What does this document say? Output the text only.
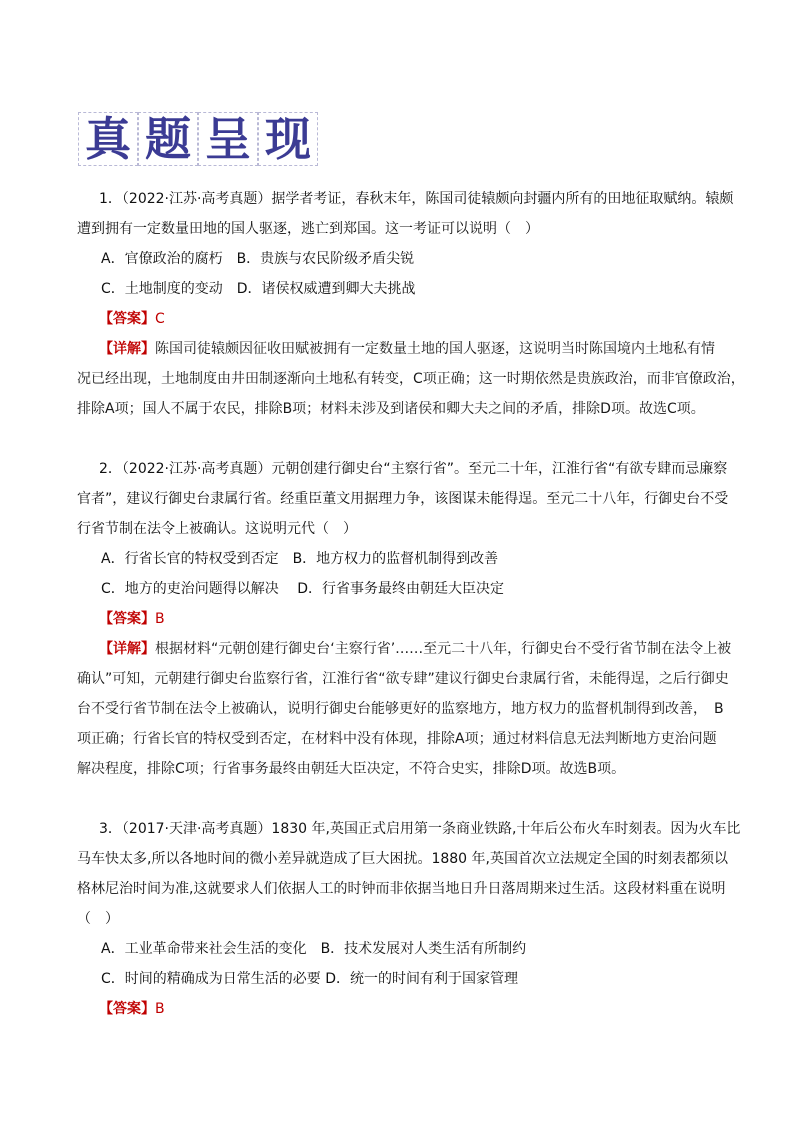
真 题 呈 现

1．（2022·江苏·高考真题）据学者考证，春秋末年，陈国司徒辕颇向封疆内所有的田地征取赋纳。辕颇

遭到拥有一定数量田地的国人驱逐，逃亡到郑国。这一考证可以说明（　）

A．官僚政治的腐朽　B．贵族与农民阶级矛盾尖锐

C．土地制度的变动　D．诸侯权威遭到卿大夫挑战

【答案】C

【详解】陈国司徒辕颇因征收田赋被拥有一定数量土地的国人驱逐，这说明当时陈国境内土地私有情

况已经出现，土地制度由井田制逐渐向土地私有转变，C项正确；这一时期依然是贵族政治，而非官僚政治，

排除A项；国人不属于农民，排除B项；材料未涉及到诸侯和卿大夫之间的矛盾，排除D项。故选C项。

2．（2022·江苏·高考真题）元朝创建行御史台“主察行省”。至元二十年，江淮行省“有欲专肆而忌廉察

官者”，建议行御史台隶属行省。经重臣董文用据理力争，该图谋未能得逞。至元二十八年，行御史台不受

行省节制在法令上被确认。这说明元代（　）

A．行省长官的特权受到否定　B．地方权力的监督机制得到改善

C．地方的吏治问题得以解决　 D．行省事务最终由朝廷大臣决定

【答案】B

【详解】根据材料“元朝创建行御史台‘主察行省’……至元二十八年，行御史台不受行省节制在法令上被

确认”可知，元朝建行御史台监察行省，江淮行省“欲专肆”建议行御史台隶属行省，未能得逞，之后行御史

台不受行省节制在法令上被确认，说明行御史台能够更好的监察地方，地方权力的监督机制得到改善，　B

项正确；行省长官的特权受到否定，在材料中没有体现，排除A项；通过材料信息无法判断地方吏治问题

解决程度，排除C项；行省事务最终由朝廷大臣决定，不符合史实，排除D项。故选B项。

3．（2017·天津·高考真题）1830 年,英国正式启用第一条商业铁路,十年后公布火车时刻表。因为火车比

马车快太多,所以各地时间的微小差异就造成了巨大困扰。1880 年,英国首次立法规定全国的时刻表都须以

格林尼治时间为准,这就要求人们依据人工的时钟而非依据当地日升日落周期来过生活。这段材料重在说明

（　）

A．工业革命带来社会生活的变化　B．技术发展对人类生活有所制约

C．时间的精确成为日常生活的必要 D．统一的时间有利于国家管理

【答案】B
